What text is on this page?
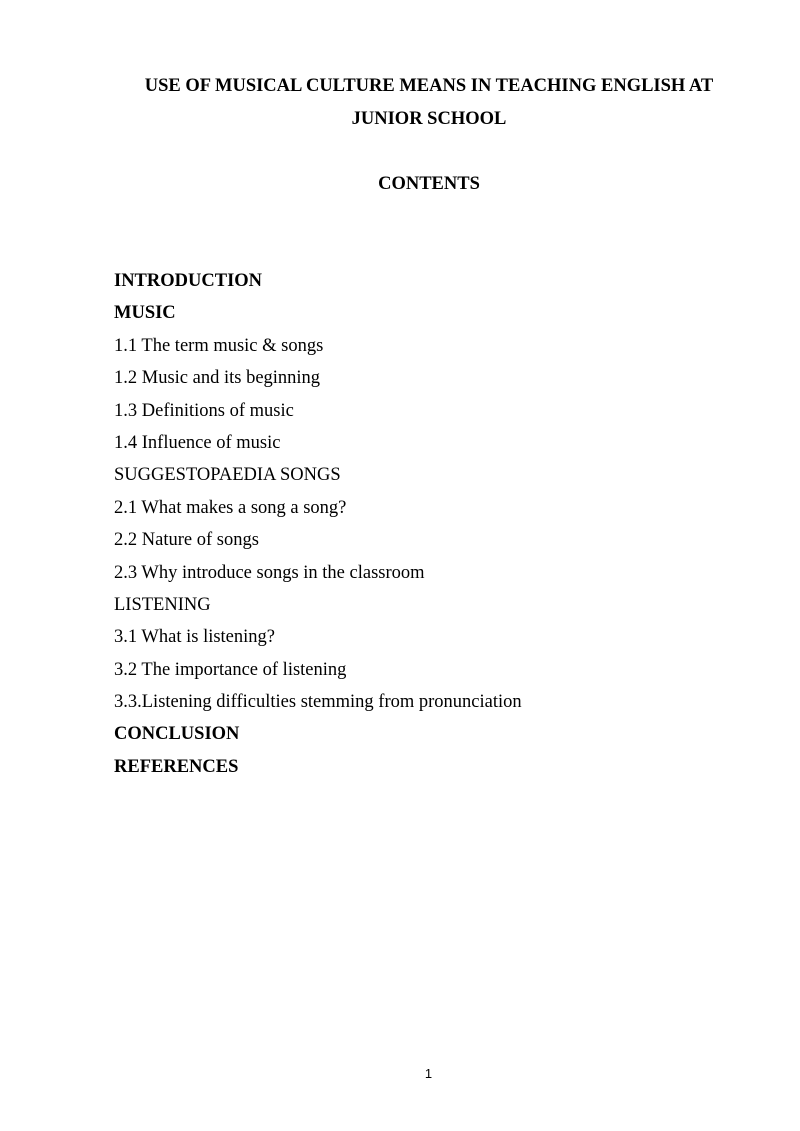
USE OF MUSICAL CULTURE MEANS IN TEACHING ENGLISH AT
JUNIOR SCHOOL
CONTENTS
INTRODUCTION
MUSIC
1.1 The term music & songs
1.2 Music and its beginning
1.3 Definitions of music
1.4 Influence of music
SUGGESTOPAEDIA SONGS
2.1 What makes a song a song?
2.2 Nature of songs
2.3 Why introduce songs in the classroom
LISTENING
3.1 What is listening?
3.2 The importance of listening
3.3.Listening difficulties stemming from pronunciation
CONCLUSION
REFERENCES
1
